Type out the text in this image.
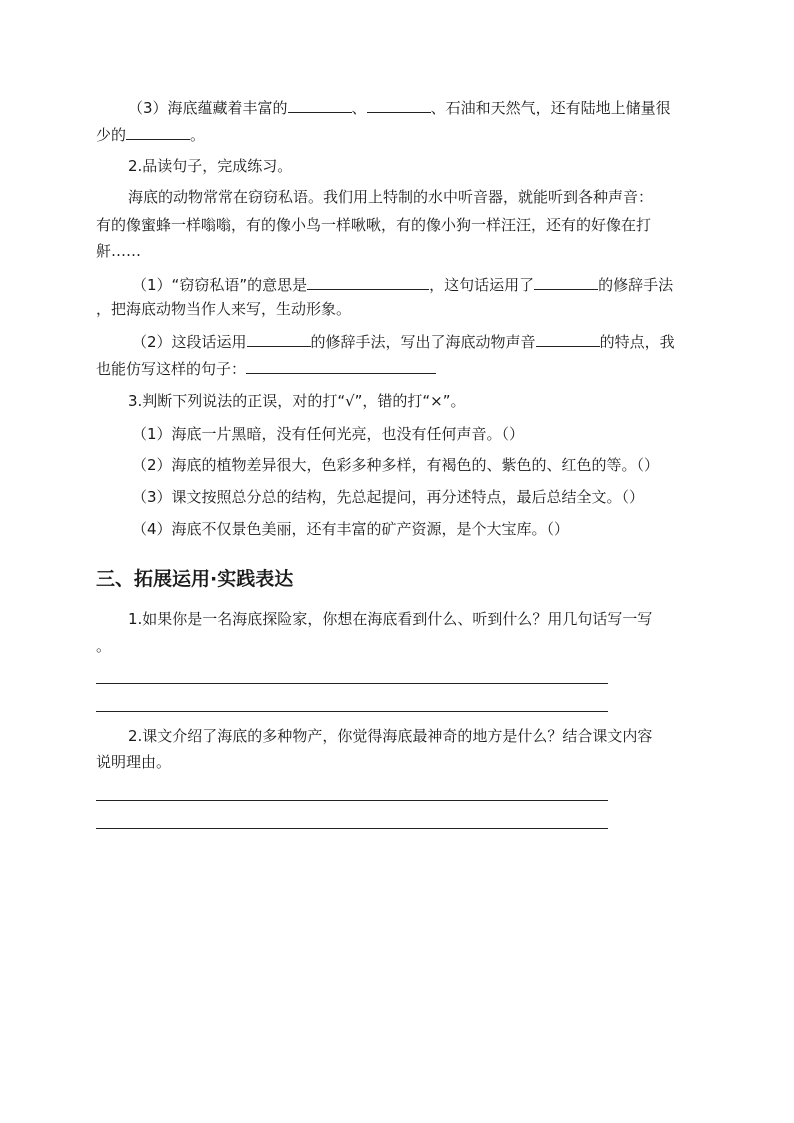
（3）海底蕴藏着丰富的	、	、石油和天然气，还有陆地上储量很
少的	。
2.品读句子，完成练习。
海底的动物常常在窃窃私语。我们用上特制的水中听音器，就能听到各种声音：
有的像蜜蜂一样嗡嗡，有的像小鸟一样啾啾，有的像小狗一样汪汪，还有的好像在打
鼾……
（1）“窃窃私语”的意思是	，这句话运用了	的修辞手法
，把海底动物当作人来写，生动形象。
（2）这段话运用	的修辞手法，写出了海底动物声音	的特点，我
也能仿写这样的句子：
3.判断下列说法的正误，对的打“√”，错的打“×”。
（1）海底一片黑暗，没有任何光亮，也没有任何声音。（）
（2）海底的植物差异很大，色彩多种多样，有褐色的、紫色的、红色的等。（）
（3）课文按照总分总的结构，先总起提问，再分述特点，最后总结全文。（）
（4）海底不仅景色美丽，还有丰富的矿产资源，是个大宝库。（）
三、拓展运用·实践表达
1.如果你是一名海底探险家，你想在海底看到什么、听到什么？用几句话写一写
。
2.课文介绍了海底的多种物产，你觉得海底最神奇的地方是什么？结合课文内容
说明理由。
